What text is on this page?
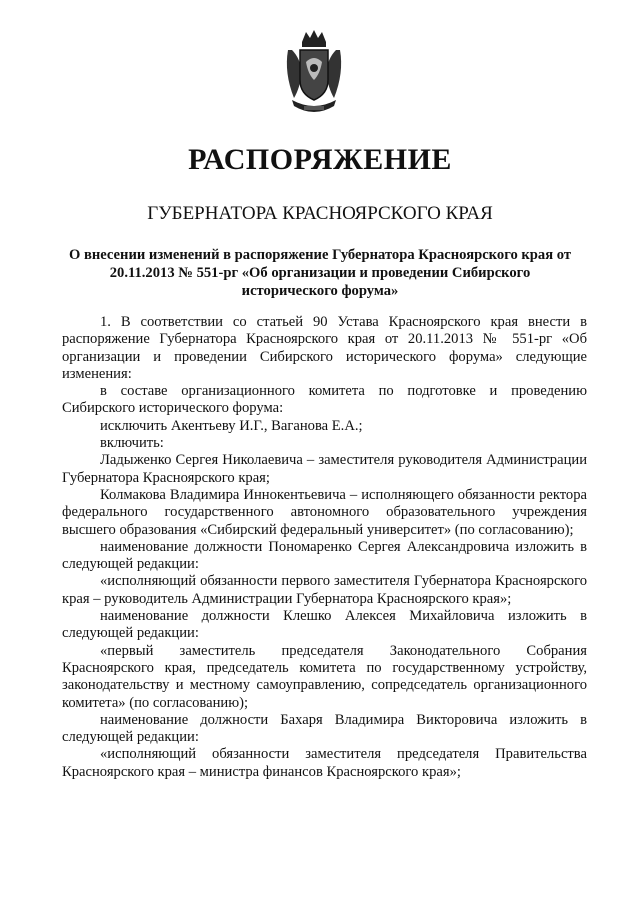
РАСПОРЯЖЕНИЕ
ГУБЕРНАТОРА КРАСНОЯРСКОГО КРАЯ
О внесении изменений в распоряжение Губернатора Красноярского края от 20.11.2013 № 551-рг «Об организации и проведении Сибирского исторического форума»

1. В соответствии со статьей 90 Устава Красноярского края внести в распоряжение Губернатора Красноярского края от 20.11.2013 № 551-рг «Об организации и проведении Сибирского исторического форума» следующие изменения:

в составе организационного комитета по подготовке и проведению Сибирского исторического форума:

исключить Акентьеву И.Г., Ваганова Е.А.;

включить:

Ладыженко Сергея Николаевича – заместителя руководителя Администрации Губернатора Красноярского края;

Колмакова Владимира Иннокентьевича – исполняющего обязанности ректора федерального государственного автономного образовательного учреждения высшего образования «Сибирский федеральный университет» (по согласованию);

наименование должности Пономаренко Сергея Александровича изложить в следующей редакции:

«исполняющий обязанности первого заместителя Губернатора Красноярского края – руководитель Администрации Губернатора Красноярского края»;

наименование должности Клешко Алексея Михайловича изложить в следующей редакции:

«первый заместитель председателя Законодательного Собрания Красноярского края, председатель комитета по государственному устройству, законодательству и местному самоуправлению, сопредседатель организационного комитета» (по согласованию);

наименование должности Бахаря Владимира Викторовича изложить в следующей редакции:

«исполняющий обязанности заместителя председателя Правительства Красноярского края – министра финансов Красноярского края»;
